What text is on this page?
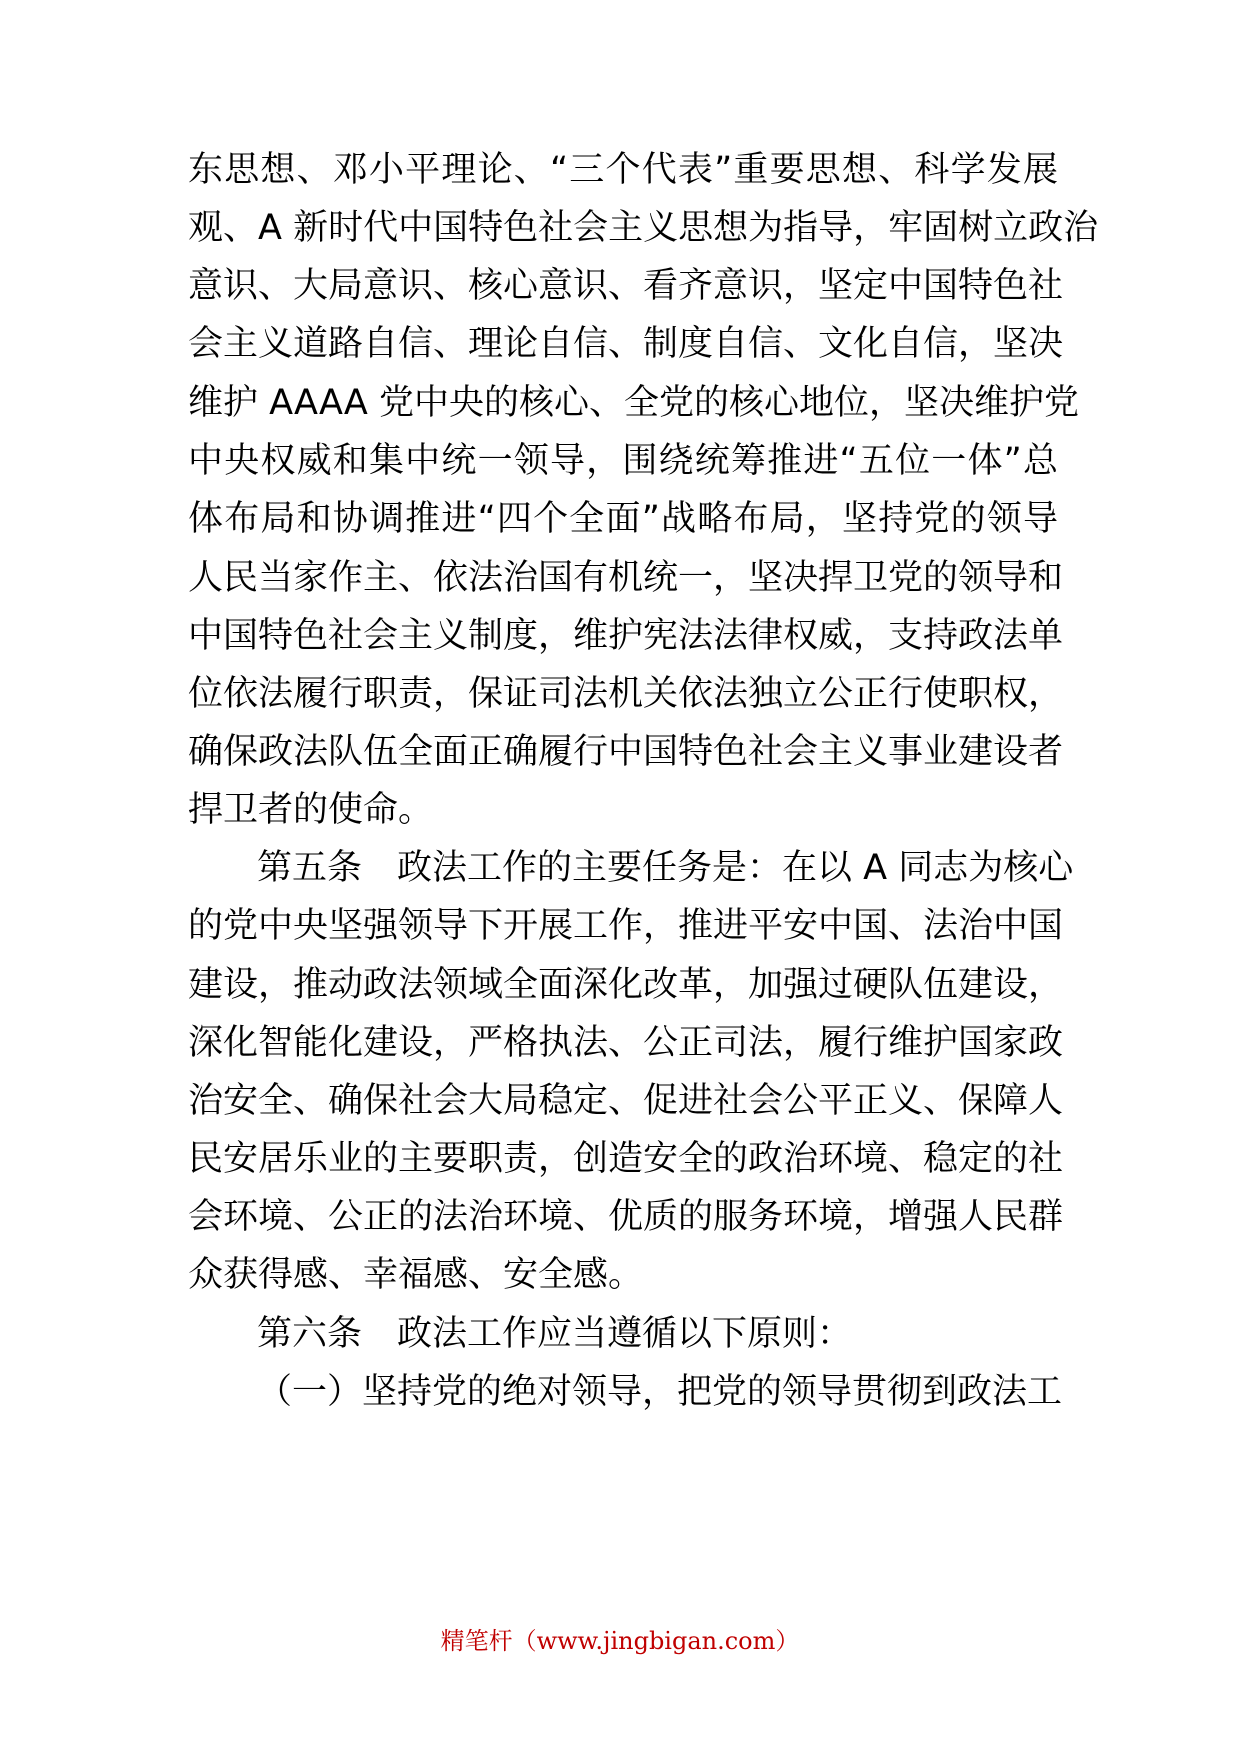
东思想、邓小平理论、“三个代表”重要思想、科学发展
观、A 新时代中国特色社会主义思想为指导，牢固树立政治
意识、大局意识、核心意识、看齐意识，坚定中国特色社
会主义道路自信、理论自信、制度自信、文化自信，坚决
维护 AAAA 党中央的核心、全党的核心地位，坚决维护党
中央权威和集中统一领导，围绕统筹推进“五位一体”总
体布局和协调推进“四个全面”战略布局，坚持党的领导
人民当家作主、依法治国有机统一，坚决捍卫党的领导和
中国特色社会主义制度，维护宪法法律权威，支持政法单
位依法履行职责，保证司法机关依法独立公正行使职权，
确保政法队伍全面正确履行中国特色社会主义事业建设者
捍卫者的使命。
第五条　政法工作的主要任务是：在以 A 同志为核心
的党中央坚强领导下开展工作，推进平安中国、法治中国
建设，推动政法领域全面深化改革，加强过硬队伍建设，
深化智能化建设，严格执法、公正司法，履行维护国家政
治安全、确保社会大局稳定、促进社会公平正义、保障人
民安居乐业的主要职责，创造安全的政治环境、稳定的社
会环境、公正的法治环境、优质的服务环境，增强人民群
众获得感、幸福感、安全感。
第六条　政法工作应当遵循以下原则：
（一）坚持党的绝对领导，把党的领导贯彻到政法工
精笔杆（www.jingbigan.com）
